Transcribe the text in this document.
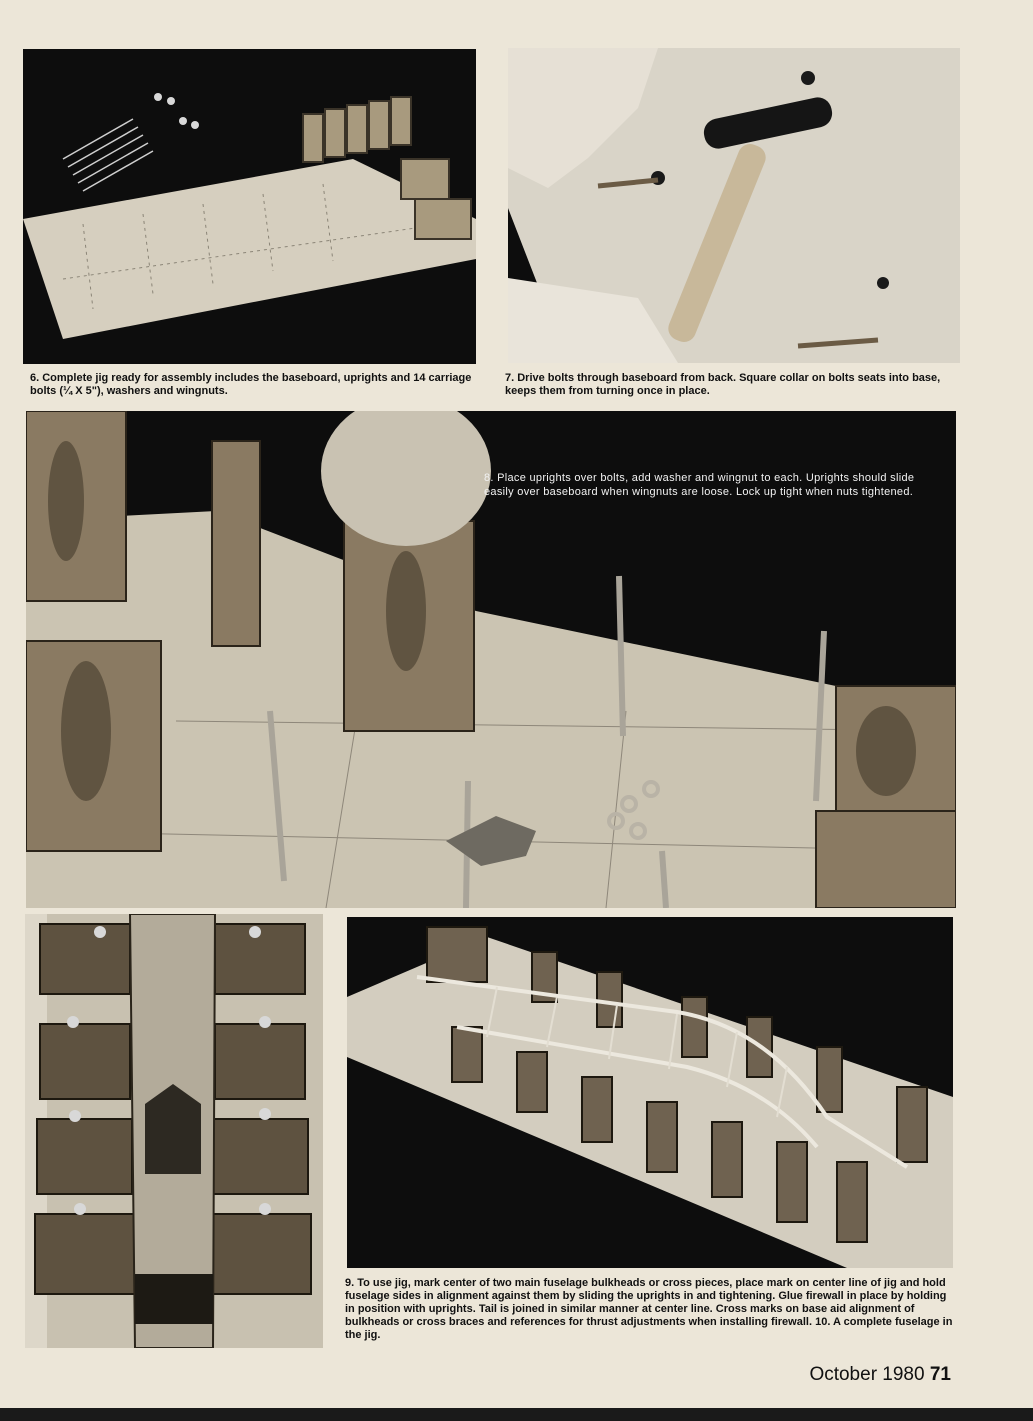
6. Complete jig ready for assembly includes the baseboard, uprights and 14 carriage bolts (¼ X 5"), washers and wingnuts.

7. Drive bolts through baseboard from back. Square collar on bolts seats into base, keeps them from turning once in place.

8. Place uprights over bolts, add washer and wingnut to each. Uprights should slide easily over baseboard when wingnuts are loose. Lock up tight when nuts tightened.

9. To use jig, mark center of two main fuselage bulkheads or cross pieces, place mark on center line of jig and hold fuselage sides in alignment against them by sliding the uprights in and tightening. Glue firewall in place by holding in position with uprights. Tail is joined in similar manner at center line. Cross marks on base aid alignment of bulkheads or cross braces and references for thrust adjustments when installing firewall. 10. A complete fuselage in the jig.

October 1980 71
